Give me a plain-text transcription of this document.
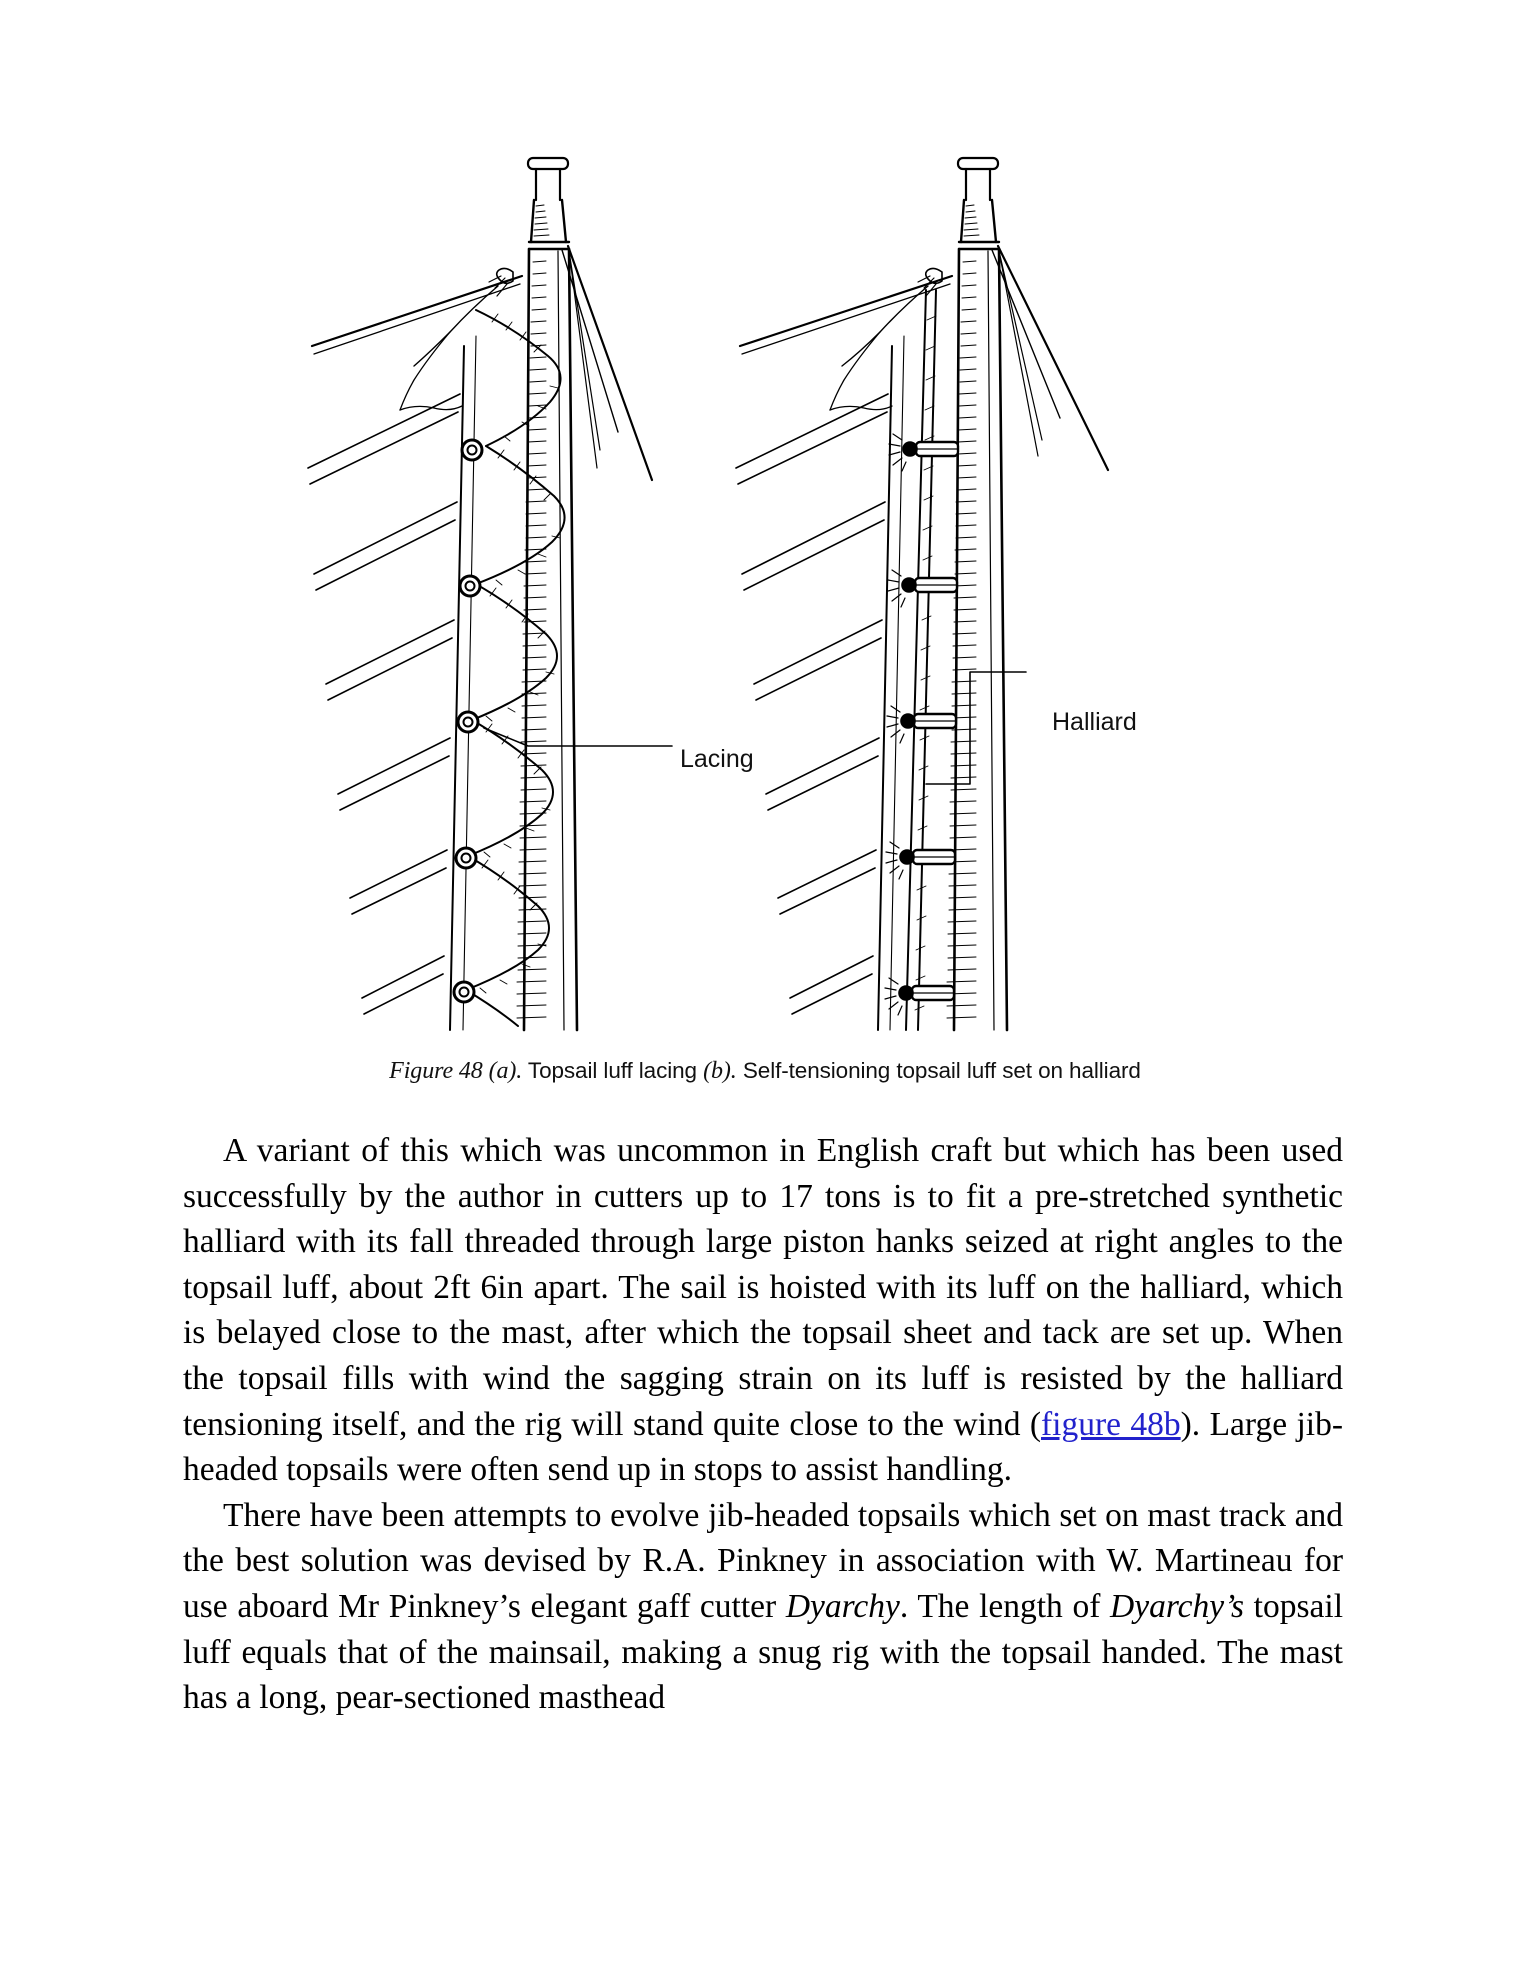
Lacing
Halliard
Figure 48 (a). Topsail luff lacing (b). Self-tensioning topsail luff set on halliard

A variant of this which was uncommon in English craft but which has been used successfully by the author in cutters up to 17 tons is to fit a pre-stretched synthetic halliard with its fall threaded through large piston hanks seized at right angles to the topsail luff, about 2ft 6in apart. The sail is hoisted with its luff on the halliard, which is belayed close to the mast, after which the topsail sheet and tack are set up. When the topsail fills with wind the sagging strain on its luff is resisted by the halliard tensioning itself, and the rig will stand quite close to the wind (figure 48b). Large jib-headed topsails were often send up in stops to assist handling.

There have been attempts to evolve jib-headed topsails which set on mast track and the best solution was devised by R.A. Pinkney in association with W. Martineau for use aboard Mr Pinkney’s elegant gaff cutter Dyarchy. The length of Dyarchy’s topsail luff equals that of the mainsail, making a snug rig with the topsail handed. The mast has a long, pear-sectioned masthead
